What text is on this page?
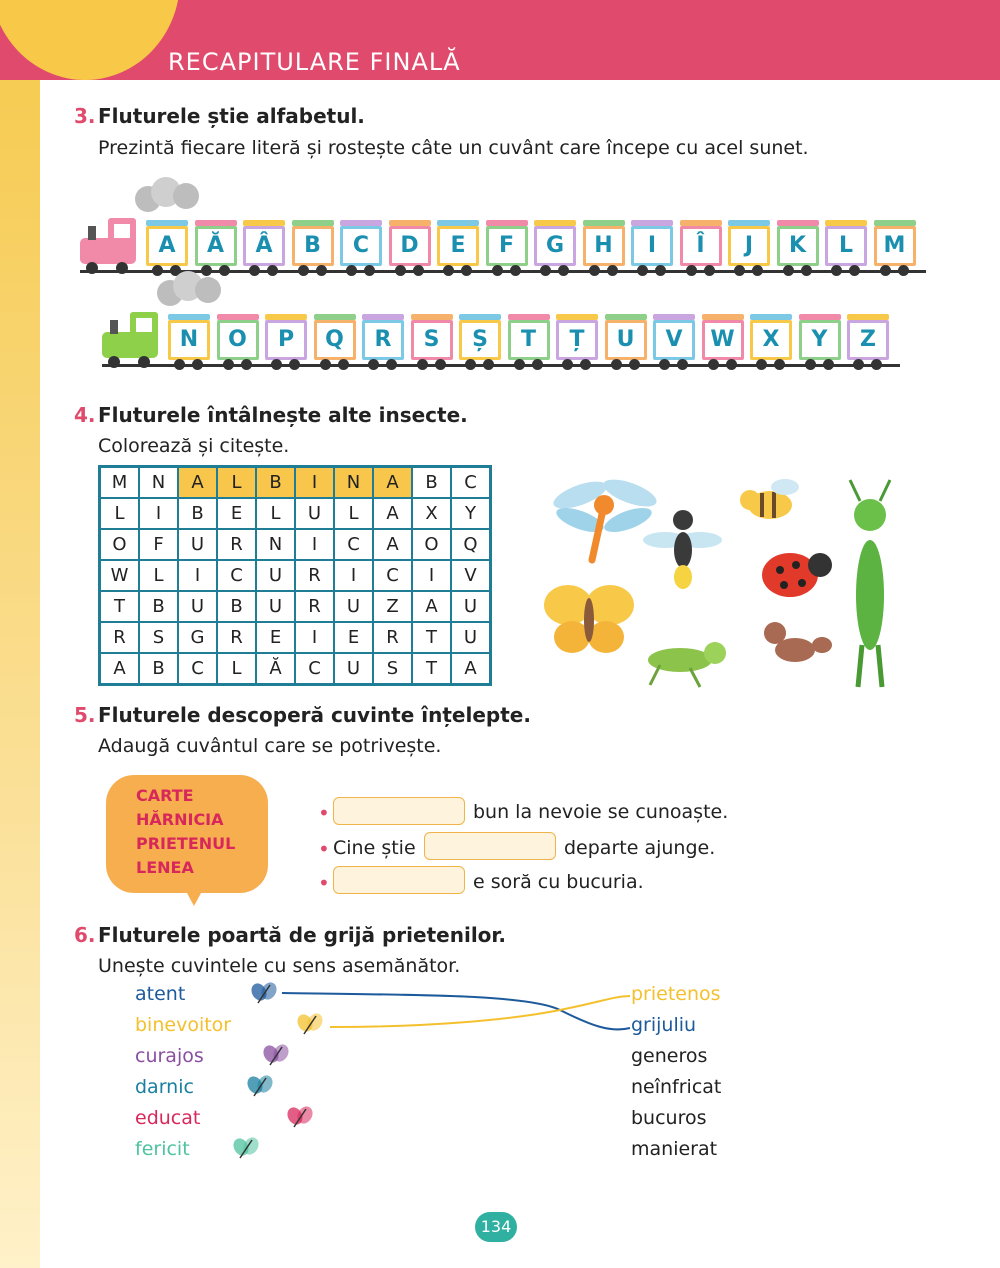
RECAPITULARE FINALĂ
3. Fluturele știe alfabetul.
Prezintă fiecare literă și rostește câte un cuvânt care începe cu acel sunet.
A	Ă	Â	B	C	D	E	F	G	H	I	Î	J	K	L	M
N	O	P	Q	R	S	Ș	T	Ț	U	V	W	X	Y	Z
4. Fluturele întâlnește alte insecte.
Colorează și citește.
M	N	A	L	B	I	N	A	B	C
L	I	B	E	L	U	L	A	X	Y
O	F	U	R	N	I	C	A	O	Q
W	L	I	C	U	R	I	C	I	V
T	B	U	B	U	R	U	Z	A	U
R	S	G	R	E	I	E	R	T	U
A	B	C	L	Ă	C	U	S	T	A
5. Fluturele descoperă cuvinte înțelepte.
Adaugă cuvântul care se potrivește.
CARTE
HĂRNICIA
PRIETENUL
LENEA
•	bun la nevoie se cunoaște.
• Cine știe	departe ajunge.
•	e soră cu bucuria.
6. Fluturele poartă de grijă prietenilor.
Unește cuvintele cu sens asemănător.
atent
binevoitor
curajos
darnic
educat
fericit
prietenos
grijuliu
generos
neînfricat
bucuros
manierat
134
